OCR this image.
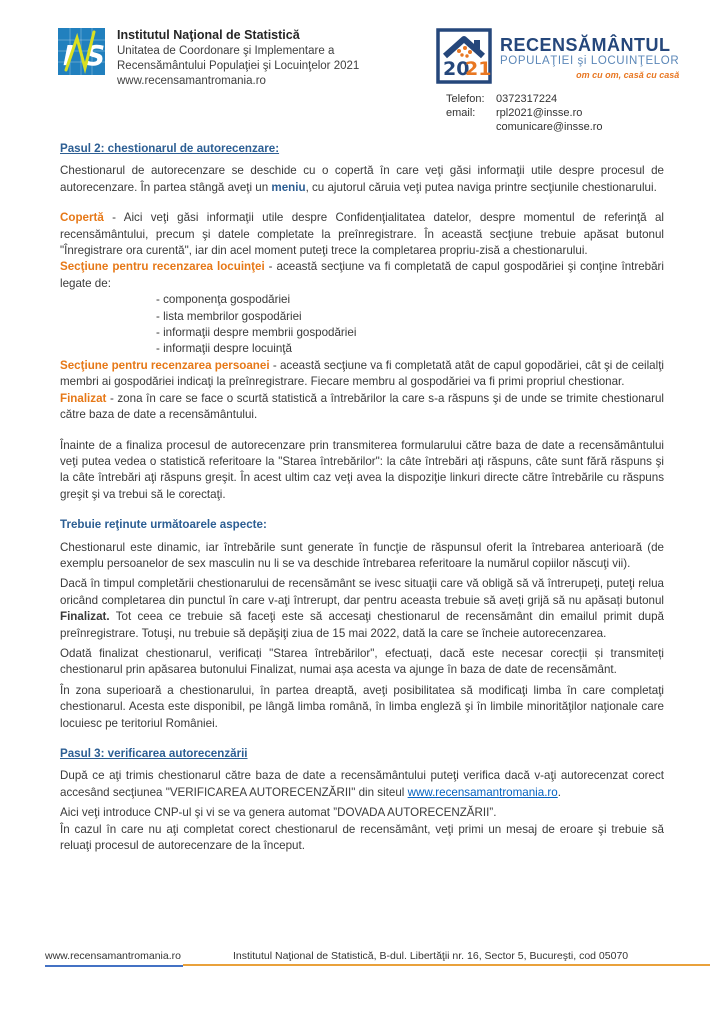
I S
Institutul Naţional de Statistică
Unitatea de Coordonare şi Implementare a
Recensământului Populaţiei şi Locuinţelor 2021
www.recensamantromania.ro
20
21
RECENSĂMÂNTUL
POPULAŢIEI şi LOCUINŢELOR
om cu om, casă cu casă
Telefon:	0372317224
email:	rpl2021@insse.ro
comunicare@insse.ro

Pasul 2: chestionarul de autorecenzare:

Chestionarul de autorecenzare se deschide cu o copertă în care veţi găsi informaţii utile despre procesul de autorecenzare. În partea stângă aveţi un meniu, cu ajutorul căruia veţi putea naviga printre secţiunile chestionarului.

Copertă - Aici veţi găsi informaţii utile despre Confidenţialitatea datelor, despre momentul de referinţă al recensământului, precum şi datele completate la preînregistrare. În această secţiune trebuie apăsat butonul "Înregistrare ora curentă", iar din acel moment puteţi trece la completarea propriu-zisă a chestionarului.

Secţiune pentru recenzarea locuinţei - această secţiune va fi completată de capul gospodăriei şi conţine întrebări legate de:

- componenţa gospodăriei
- lista membrilor gospodăriei
- informaţii despre membrii gospodăriei
- informaţii despre locuinţă

Secţiune pentru recenzarea persoanei - această secţiune va fi completată atât de capul gopodăriei, cât şi de ceilalţi membri ai gospodăriei indicaţi la preînregistrare. Fiecare membru al gospodăriei va fi primi propriul chestionar.

Finalizat - zona în care se face o scurtă statistică a întrebărilor la care s-a răspuns şi de unde se trimite chestionarul către baza de date a recensământului.

Înainte de a finaliza procesul de autorecenzare prin transmiterea formularului către baza de date a recensământului veţi putea vedea o statistică referitoare la "Starea întrebărilor": la câte întrebări aţi răspuns, câte sunt fără răspuns şi la câte întrebări aţi răspuns greşit. În acest ultim caz veţi avea la dispoziţie linkuri directe către întrebările cu răspuns greşit şi va trebui să le corectaţi.

Trebuie reţinute următoarele aspecte:

Chestionarul este dinamic, iar întrebările sunt generate în funcţie de răspunsul oferit la întrebarea anterioară (de exemplu persoanelor de sex masculin nu li se va deschide întrebarea referitoare la numărul copiilor născuţi vii).

Dacă în timpul completării chestionarului de recensământ se ivesc situaţii care vă obligă să vă întrerupeţi, puteţi relua oricând completarea din punctul în care v-aţi întrerupt, dar pentru aceasta trebuie să aveți grijă să nu apăsați butonul Finalizat. Tot ceea ce trebuie să faceţi este să accesaţi chestionarul de recensământ din emailul primit după preînregistrare. Totuşi, nu trebuie să depăşiţi ziua de 15 mai 2022, dată la care se încheie autorecenzarea.

Odată finalizat chestionarul, verificați "Starea întrebărilor", efectuați, dacă este necesar corecții și transmiteți chestionarul prin apăsarea butonului Finalizat, numai așa acesta va ajunge în baza de date de recensământ.

În zona superioară a chestionarului, în partea dreaptă, aveţi posibilitatea să modificaţi limba în care completaţi chestionarul. Acesta este disponibil, pe lângă limba română, în limba engleză şi în limbile minorităţilor naţionale care locuiesc pe teritoriul României.

Pasul 3: verificarea autorecenzării

După ce aţi trimis chestionarul către baza de date a recensământului puteţi verifica dacă v-aţi autorecenzat corect accesând secţiunea "VERIFICAREA AUTORECENZĂRII" din siteul www.recensamantromania.ro.

Aici veţi introduce CNP-ul şi vi se va genera automat ”DOVADA AUTORECENZĂRII”.

În cazul în care nu aţi completat corect chestionarul de recensământ, veţi primi un mesaj de eroare şi trebuie să reluaţi procesul de autorecenzare de la început.

www.recensamantromania.ro	Institutul Naţional de Statistică, B-dul. Libertăţii nr. 16, Sector 5, Bucureşti, cod 05070
